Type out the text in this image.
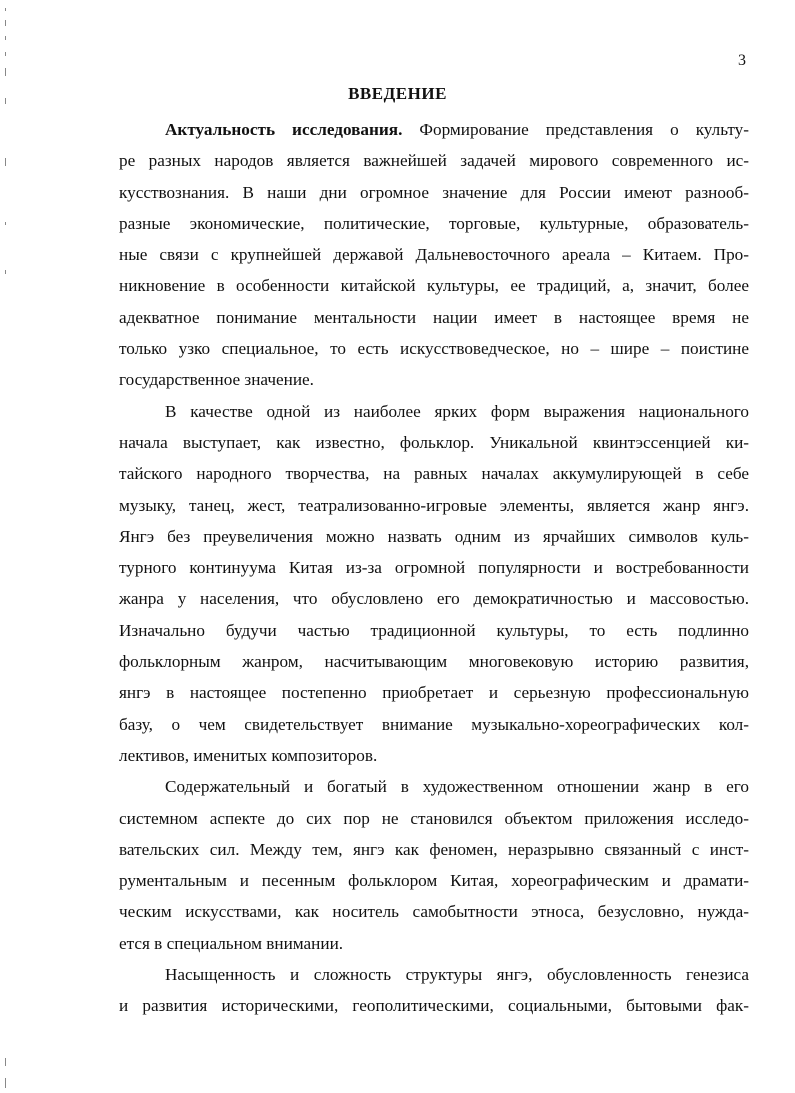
3
ВВЕДЕНИЕ
Актуальность исследования. Формирование представления о культу-
ре разных народов является важнейшей задачей мирового современного ис-
кусствознания. В наши дни огромное значение для России имеют разнооб-
разные экономические, политические, торговые, культурные, образователь-
ные связи с крупнейшей державой Дальневосточного ареала – Китаем. Про-
никновение в особенности китайской культуры, ее традиций, а, значит, более
адекватное понимание ментальности нации имеет в настоящее время не
только узко специальное, то есть искусствоведческое, но – шире – поистине
государственное значение.
В качестве одной из наиболее ярких форм выражения национального
начала выступает, как известно, фольклор. Уникальной квинтэссенцией ки-
тайского народного творчества, на равных началах аккумулирующей в себе
музыку, танец, жест, театрализованно-игровые элементы, является жанр янгэ.
Янгэ без преувеличения можно назвать одним из ярчайших символов куль-
турного континуума Китая из-за огромной популярности и востребованности
жанра у населения, что обусловлено его демократичностью и массовостью.
Изначально будучи частью традиционной культуры, то есть подлинно
фольклорным жанром, насчитывающим многовековую историю развития,
янгэ в настоящее постепенно приобретает и серьезную профессиональную
базу, о чем свидетельствует внимание музыкально-хореографических кол-
лективов, именитых композиторов.
Содержательный и богатый в художественном отношении жанр в его
системном аспекте до сих пор не становился объектом приложения исследо-
вательских сил. Между тем, янгэ как феномен, неразрывно связанный с инст-
рументальным и песенным фольклором Китая, хореографическим и драмати-
ческим искусствами, как носитель самобытности этноса, безусловно, нужда-
ется в специальном внимании.
Насыщенность и сложность структуры янгэ, обусловленность генезиса
и развития историческими, геополитическими, социальными, бытовыми фак-
